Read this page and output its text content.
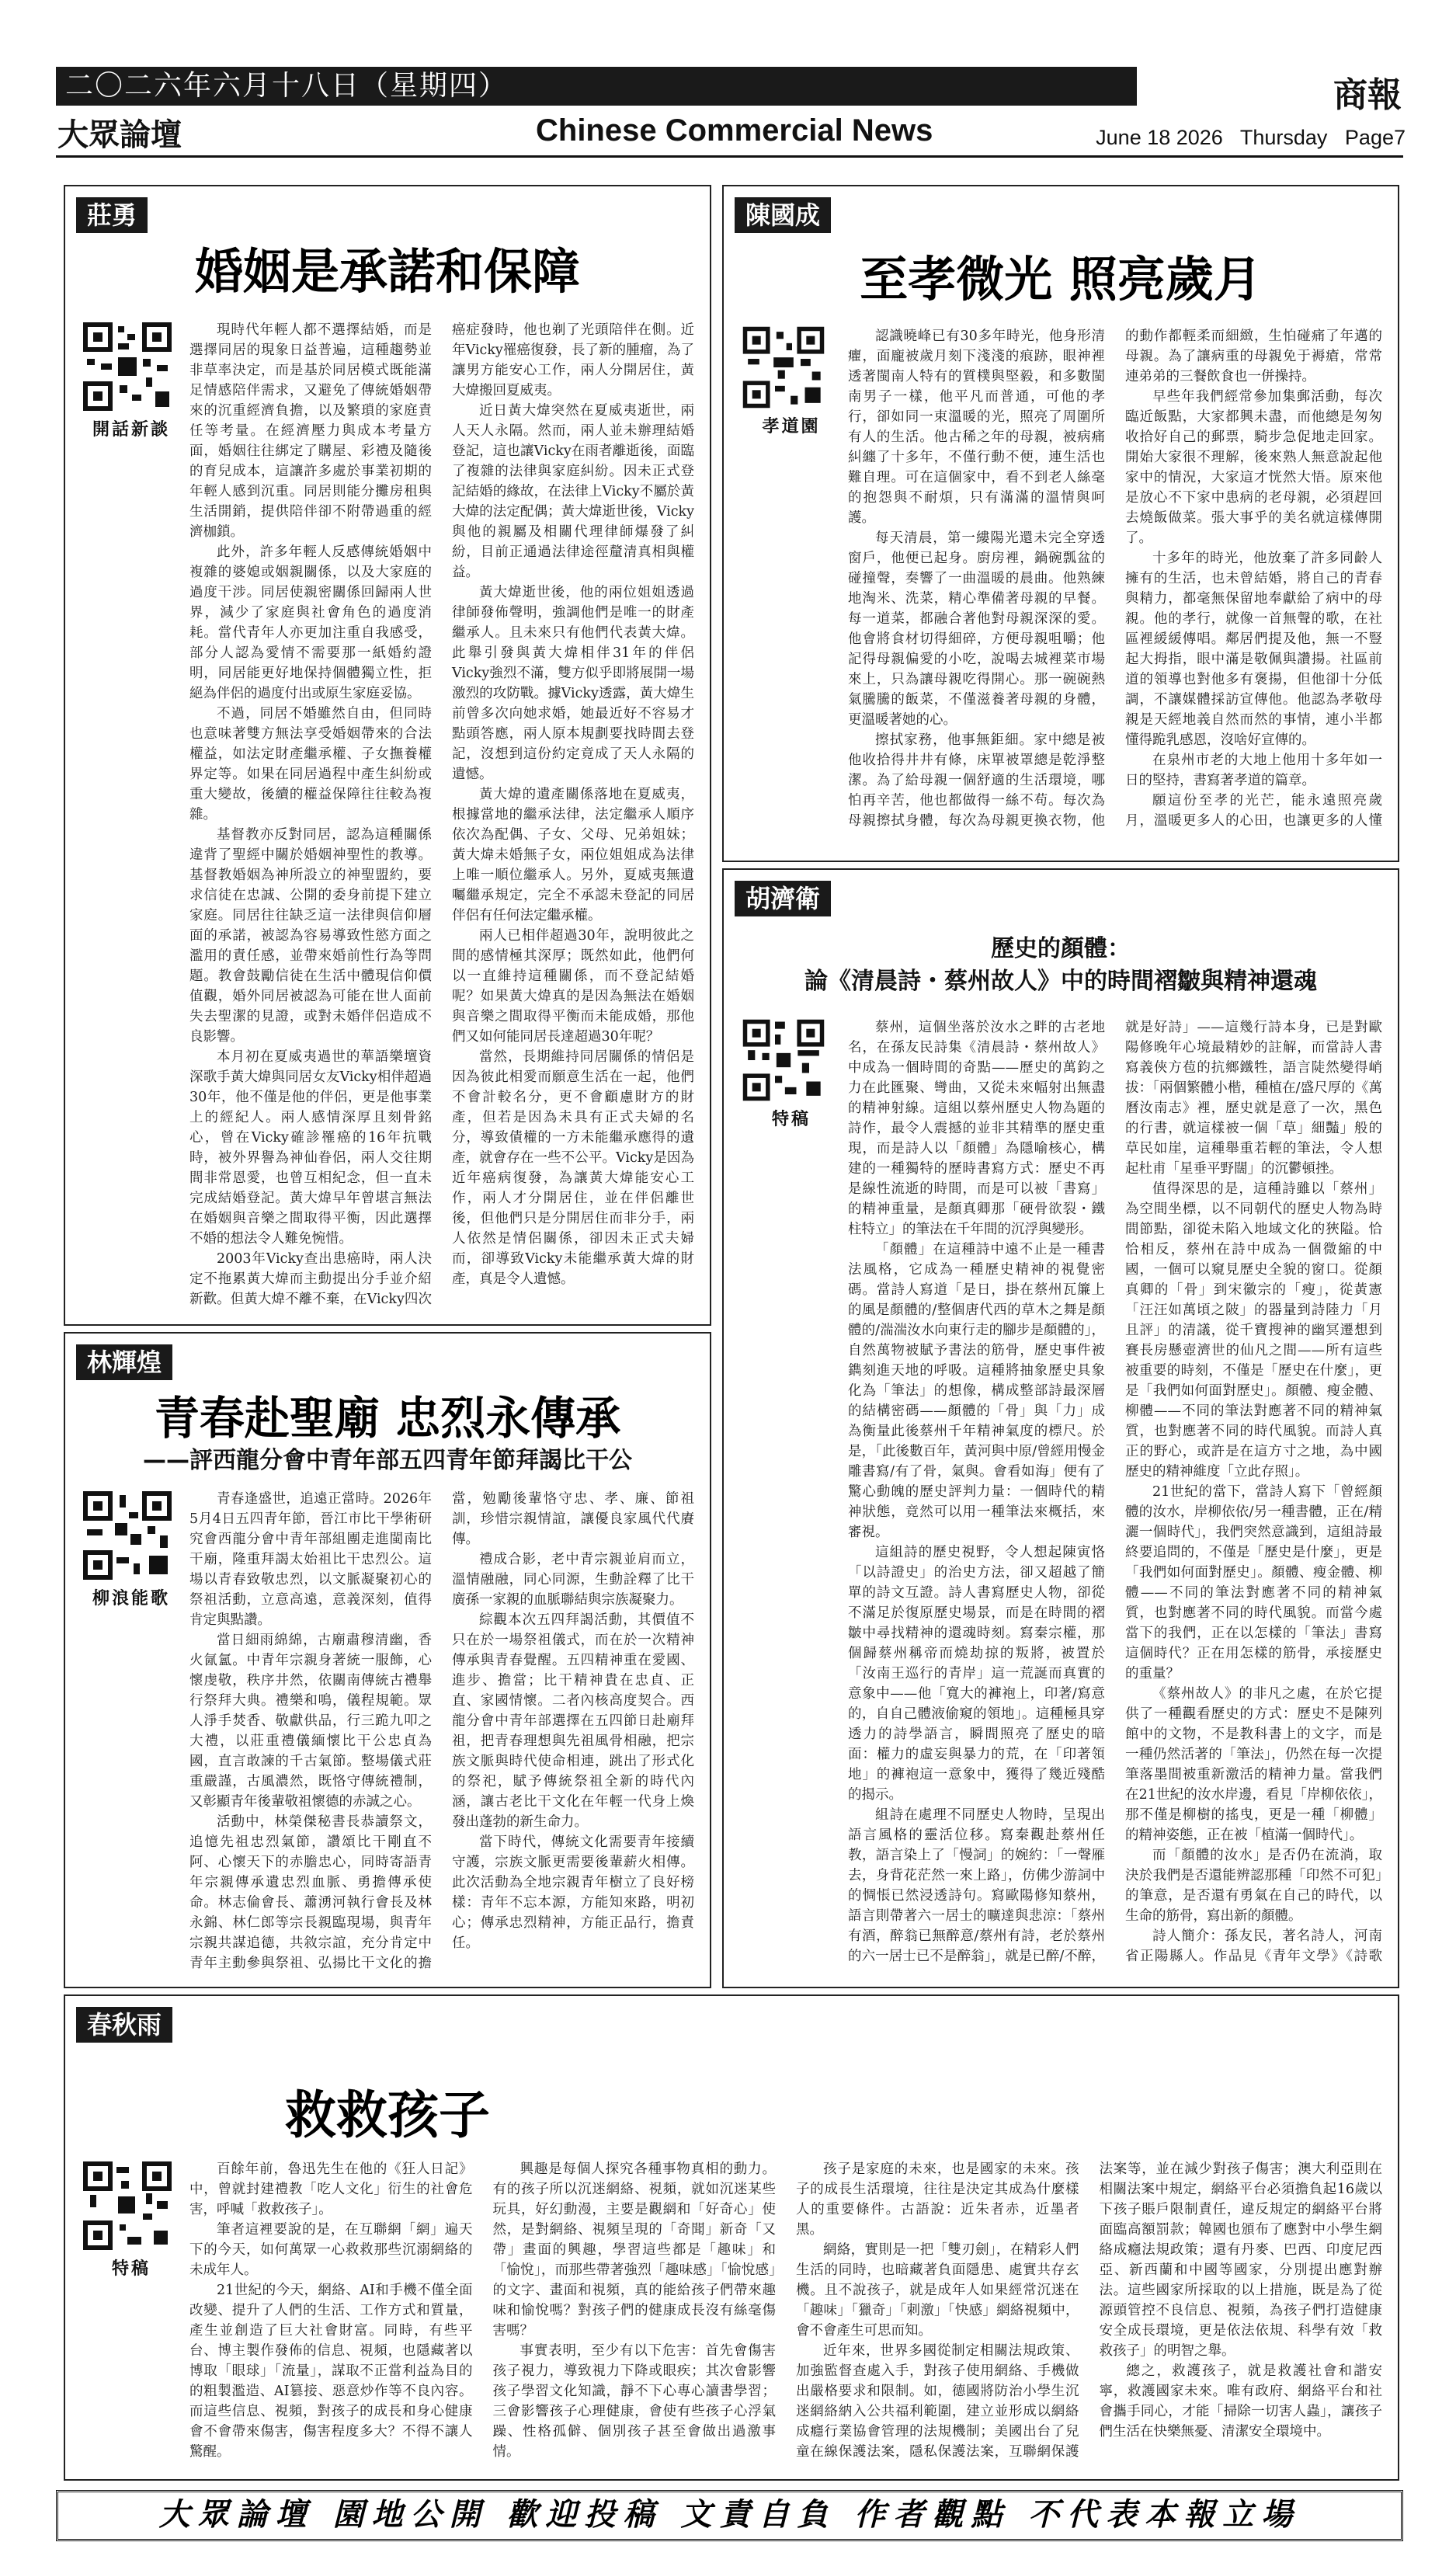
二〇二六年六月十八日（星期四）	商報
大眾論壇	Chinese Commercial News	June 18 2026 Thursday Page7
莊勇
婚姻是承諾和保障
開話新談

現時代年輕人都不選擇結婚，而是選擇同居的現象日益普遍，這種趨勢並非草率決定，而是基於同居模式既能滿足情感陪伴需求，又避免了傳統婚姻帶來的沉重經濟負擔，以及繁瑣的家庭責任等考量。在經濟壓力與成本考量方面，婚姻往往綁定了購屋、彩禮及隨後的育兒成本，這讓許多處於事業初期的年輕人感到沉重。同居則能分攤房租與生活開銷，提供陪伴卻不附帶過重的經濟枷鎖。

此外，許多年輕人反感傳統婚姻中複雜的婆媳或姻親關係，以及大家庭的過度干涉。同居使親密關係回歸兩人世界，減少了家庭與社會角色的過度消耗。當代青年人亦更加注重自我感受，部分人認為愛情不需要那一紙婚約證明，同居能更好地保持個體獨立性，拒絕為伴侶的過度付出或原生家庭妥協。

不過，同居不婚雖然自由，但同時也意味著雙方無法享受婚姻帶來的合法權益，如法定財產繼承權、子女撫養權界定等。如果在同居過程中產生糾紛或重大變故，後續的權益保障往往較為複雜。

基督教亦反對同居，認為這種關係違背了聖經中關於婚姻神聖性的教導。基督教婚姻為神所設立的神聖盟約，要求信徒在忠誠、公開的委身前提下建立家庭。同居往往缺乏這一法律與信仰層面的承諾，被認為容易導致性慾方面之濫用的責任感，並帶來婚前性行為等問題。教會鼓勵信徒在生活中體現信仰價值觀，婚外同居被認為可能在世人面前失去聖潔的見證，或對未婚伴侶造成不良影響。

本月初在夏威夷過世的華語樂壇資深歌手黃大煒與同居女友Vicky相伴超過30年，他不僅是他的伴侶，更是他事業上的經紀人。兩人感情深厚且刻骨銘心，曾在Vicky確診罹癌的16年抗戰時，被外界譽為神仙眷侶，兩人交往期間非常恩愛，也曾互相紀念，但一直未完成結婚登記。黃大煒早年曾堪言無法在婚姻與音樂之間取得平衡，因此選擇不婚的想法令人難免惋惜。

2003年Vicky查出患癌時，兩人決定不拖累黃大煒而主動提出分手並介紹新歡。但黃大煒不離不棄，在Vicky四次癌症發時，他也剃了光頭陪伴在側。近年Vicky罹癌復發，長了新的腫瘤，為了讓男方能安心工作，兩人分開居住，黃大煒搬回夏威夷。

近日黃大煒突然在夏威夷逝世，兩人天人永隔。然而，兩人並未辦理結婚登記，這也讓Vicky在雨者離逝後，面臨了複雜的法律與家庭糾紛。因未正式登記結婚的緣故，在法律上Vicky不屬於黃大煒的法定配偶；黃大煒逝世後，Vicky與他的親屬及相關代理律師爆發了糾紛，目前正通過法律途徑釐清真相與權益。

黃大煒逝世後，他的兩位姐姐透過律師發佈聲明，強調他們是唯一的財產繼承人。且未來只有他們代表黃大煒。此舉引發與黃大煒相伴31年的伴侶Vicky強烈不滿，雙方似乎即將展開一場激烈的攻防戰。據Vicky透露，黃大煒生前曾多次向她求婚，她最近好不容易才點頭答應，兩人原本規劃要找時間去登記，沒想到這份約定竟成了天人永隔的遺憾。

黃大煒的遺產關係落地在夏威夷，根據當地的繼承法律，法定繼承人順序依次為配偶、子女、父母、兄弟姐妹；黃大煒未婚無子女，兩位姐姐成為法律上唯一順位繼承人。另外，夏威夷無遺囑繼承規定，完全不承認未登記的同居伴侶有任何法定繼承權。

兩人已相伴超過30年，說明彼此之間的感情極其深厚；既然如此，他們何以一直維持這種關係，而不登記結婚呢？如果黃大煒真的是因為無法在婚姻與音樂之間取得平衡而未能成婚，那他們又如何能同居長達超過30年呢？

當然，長期維持同居關係的情侶是因為彼此相愛而願意生活在一起，他們不會計較名分，更不會顧慮財方的財產，但若是因為未具有正式夫婦的名分，導致債權的一方未能繼承應得的遺產，就會存在一些不公平。Vicky是因為近年癌病復發，為讓黃大煒能安心工作，兩人才分開居住，並在伴侶離世後，但他們只是分開居住而非分手，兩人依然是情侶關係，卻因未正式夫婦而，卻導致Vicky未能繼承黃大煒的財產，真是令人遺憾。

陳國成
至孝微光 照亮歲月
孝道園

認識曉峰已有30多年時光，他身形清癯，面龐被歲月刻下淺淺的痕跡，眼神裡透著閩南人特有的質樸與堅毅，和多數閩南男子一樣，他平凡而普通，可他的孝行，卻如同一束溫暖的光，照亮了周圍所有人的生活。他古稀之年的母親，被病痛糾纏了十多年，不僅行動不便，連生活也難自理。可在這個家中，看不到老人絲毫的抱怨與不耐煩，只有滿滿的溫情與呵護。

每天清晨，第一縷陽光還未完全穿透窗戶，他便已起身。廚房裡，鍋碗瓢盆的碰撞聲，奏響了一曲溫暖的晨曲。他熟練地淘米、洗菜，精心準備著母親的早餐。每一道菜，都融合著他對母親深深的愛。他會將食材切得細碎，方便母親咀嚼；他記得母親偏愛的小吃，說喝去城裡菜市場來上，只為讓母親吃得開心。那一碗碗熱氣騰騰的飯菜，不僅滋養著母親的身體，更溫暖著她的心。

擦拭家務，他事無鉅細。家中總是被他收拾得井井有條，床單被罩總是乾淨整潔。為了給母親一個舒適的生活環境，哪怕再辛苦，他也都做得一絲不苟。每次為母親擦拭身體，每次為母親更換衣物，他的動作都輕柔而細緻，生怕碰痛了年邁的母親。為了讓病重的母親免于褥瘡，常常連弟弟的三餐飲食也一併操持。

早些年我們經常參加集郵活動，每次臨近飯點，大家都興未盡，而他總是匆匆收拾好自己的郵票，騎步急促地走回家。開始大家很不理解，後來熟人無意說起他家中的情況，大家這才恍然大悟。原來他是放心不下家中患病的老母親，必須趕回去燒飯做菜。張大事乎的美名就這樣傳開了。

十多年的時光，他放棄了許多同齡人擁有的生活，也未曾結婚，將自己的青春與精力，都毫無保留地奉獻給了病中的母親。他的孝行，就像一首無聲的歌，在社區裡緩緩傳唱。鄰居們提及他，無一不豎起大拇指，眼中滿是敬佩與讚揚。社區前道的領導也對他多有褒揚，但他卻十分低調，不讓媒體採訪宣傳他。他認為孝敬母親是天經地義自然而然的事情，連小半都懂得跪乳感恩，沒啥好宣傳的。

在泉州市老的大地上他用十多年如一日的堅持，書寫著孝道的篇章。

願這份至孝的光芒，能永遠照亮歲月，溫暖更多人的心田，也讓更多的人懂

胡濟衛
歷史的顏體：
論《清晨詩・蔡州故人》中的時間褶皺與精神還魂
特稿

蔡州，這個坐落於汝水之畔的古老地名，在孫友民詩集《清晨詩・蔡州故人》中成為一個時間的奇點——歷史的萬鈞之力在此匯聚、彎曲，又從未來幅射出無盡的精神射線。這組以蔡州歷史人物為題的詩作，最令人震撼的並非其精準的歷史重現，而是詩人以「顏體」為隱喻核心，構建的一種獨特的歷時書寫方式：歷史不再是線性流逝的時間，而是可以被「書寫」的精神重量，是顏真卿那「硬骨欲裂・鐵柱特立」的筆法在千年間的沉浮與變形。

「顏體」在這種詩中遠不止是一種書法風格，它成為一種歷史精神的視覺密碼。當詩人寫道「是日，掛在蔡州瓦簾上的風是顏體的/整個唐代西的草木之舞是顏體的/湍湍汝水向東行走的腳步是顏體的」，自然萬物被賦予書法的筋骨，歷史事件被鐫刻進天地的呼吸。這種將抽象歷史具象化為「筆法」的想像，構成整部詩最深層的結構密碼——顏體的「骨」與「力」成為衡量此後蔡州千年精神氣度的標尺。於是，「此後數百年，黃河與中原/曾經用慢金雕書寫/有了骨，氣與。會看如海」便有了驚心動魄的歷史評判力量：一個時代的精神狀態，竟然可以用一種筆法來概括，來審視。

這組詩的歷史視野，令人想起陳寅恪「以詩證史」的治史方法，卻又超越了簡單的詩文互證。詩人書寫歷史人物，卻從不滿足於復原歷史場景，而是在時間的褶皺中尋找精神的還魂時刻。寫秦宗權，那個歸蔡州稱帝而燒劫掠的叛將，被置於「汝南王巡行的青岸」這一荒誕而真實的意象中——他「寬大的褲袍上，印著/寫意的，自自己體液偷窺的領地」。這種極具穿透力的詩學語言，瞬間照亮了歷史的暗面：權力的虛妄與暴力的荒，在「印著領地」的褲袍這一意象中，獲得了幾近殘酷的揭示。

組詩在處理不同歷史人物時，呈現出語言風格的靈活位移。寫秦觀赴蔡州任教，語言染上了「慢詞」的婉約：「一聲雁去，身背花茫然一來上路」，仿佛少游詞中的惆悵已然浸透詩句。寫歐陽修知蔡州，語言則帶著六一居士的曠達與悲涼：「蔡州有酒，醉翁已無醉意/蔡州有詩，老於蔡州的六一居士已不是醉翁」，就是已醉/不醉，就是好詩」——這幾行詩本身，已是對歐陽修晚年心境最精妙的註解，而當詩人書寫義俠方苞的抗鄉鐵牲，語言陡然變得峭拔：「兩個繁體小楷，種植在/盛尺厚的《萬曆汝南志》裡，歷史就是意了一次，黑色的行書，就這樣被一個「草」細豔」般的草民如崖，這種舉重若輕的筆法，令人想起杜甫「星垂平野闊」的沉鬱頓挫。

值得深思的是，這種詩雖以「蔡州」為空間坐標，以不同朝代的歷史人物為時間節點，卻從未陷入地域文化的狹隘。恰恰相反，蔡州在詩中成為一個微縮的中國，一個可以窺見歷史全貌的窗口。從顏真卿的「骨」到宋徽宗的「瘦」，從黃憲「汪汪如萬頃之陂」的器量到詩陸力「月且評」的清議，從千寶搜神的幽冥遷想到賽長房懸壺濟世的仙凡之間——所有這些被重要的時刻，不僅是「歷史在什麼」，更是「我們如何面對歷史」。顏體、瘦金體、柳體——不同的筆法對應著不同的精神氣質，也對應著不同的時代風貌。而詩人真正的野心，或許是在這方寸之地，為中國歷史的精神維度「立此存照」。

21世紀的當下，當詩人寫下「曾經顏體的汝水，岸柳依依/另一種書體，正在/精灑一個時代」，我們突然意識到，這組詩最終要追問的，不僅是「歷史是什麼」，更是「我們如何面對歷史」。顏體、瘦金體、柳體——不同的筆法對應著不同的精神氣質，也對應著不同的時代風貌。而當今處當下的我們，正在以怎樣的「筆法」書寫這個時代？正在用怎樣的筋骨，承接歷史的重量？

《蔡州故人》的非凡之處，在於它提供了一種觀看歷史的方式：歷史不是陳列館中的文物，不是教科書上的文字，而是一種仍然活著的「筆法」，仍然在每一次提筆落墨間被重新激活的精神力量。當我們在21世紀的汝水岸邊，看見「岸柳依依」，那不僅是柳樹的搖曳，更是一種「柳體」的精神姿態，正在被「植滿一個時代」。

而「顏體的汝水」是否仍在流淌，取決於我們是否還能辨認那種「印然不可犯」的筆意，是否還有勇氣在自己的時代，以生命的筋骨，寫出新的顏體。

詩人簡介：孫友民，著名詩人，河南省正陽縣人。作品見《青年文學》《詩歌

林輝煌
青春赴聖廟 忠烈永傳承
——評西龍分會中青年部五四青年節拜謁比干公
柳浪能歌

青春逢盛世，追遠正當時。2026年5月4日五四青年節，晉江市比干學術研究會西龍分會中青年部組團走進閩南比干廟，隆重拜謁太始祖比干忠烈公。這場以青春致敬忠烈，以文脈凝聚初心的祭祖活動，立意高遠，意義深刻，值得肯定與點讚。

當日細雨綿綿，古廟肅穆清幽，香火氤氳。中青年宗親身著統一服飾，心懷虔敬，秩序井然，依關南傳統古禮舉行祭拜大典。禮樂和鳴，儀程規範。眾人淨手焚香、敬獻供品，行三跪九叩之大禮，以莊重禮儀緬懷比干公忠貞為國，直言敢諫的千古氣節。整場儀式莊重嚴謹，古風濃然，既恪守傳統禮制，又彰顯青年後輩敬祖懷德的赤誠之心。

活動中，林榮傑秘書長恭讀祭文，追憶先祖忠烈氣節，讚頌比干剛直不阿、心懷天下的赤膽忠心，同時寄語青年宗親傳承遺忠烈血脈、勇擔傳承使命。林志倫會長、蕭湧河執行會長及林永錦、林仁郎等宗長親臨現場，與青年宗親共謀追德，共敘宗誼，充分肯定中青年主動參與祭祖、弘揚比干文化的擔當，勉勵後輩恪守忠、孝、廉、節祖訓，珍惜宗親情誼，讓優良家風代代賡傳。

禮成合影，老中青宗親並肩而立，溫情融融，同心同源，生動詮釋了比干廣孫一家親的血脈聯結與宗族凝聚力。

綜觀本次五四拜謁活動，其價值不只在於一場祭祖儀式，而在於一次精神傳承與青春覺醒。五四精神重在愛國、進步、擔當；比干精神貴在忠貞、正直、家國情懷。二者內核高度契合。西龍分會中青年部選擇在五四節日赴廟拜祖，把青春理想與先祖風骨相融，把宗族文脈與時代使命相連，跳出了形式化的祭祀，賦予傳統祭祖全新的時代內涵，讓古老比干文化在年輕一代身上煥發出蓬勃的新生命力。

當下時代，傳統文化需要青年接續守護，宗族文脈更需要後輩薪火相傳。此次活動為全地宗親青年樹立了良好榜樣：青年不忘本源，方能知來路，明初心；傳承忠烈精神，方能正品行，擔責任。

春秋雨
救救孩子
特稿

百餘年前，魯迅先生在他的《狂人日記》中，曾就封建禮教「吃人文化」衍生的社會危害，呼喊「救救孩子」。

筆者這裡要說的是，在互聯網「網」遍天下的今天，如何萬眾一心救救那些沉溺網絡的未成年人。

21世紀的今天，網絡、AI和手機不僅全面改變、提升了人們的生活、工作方式和質量，產生並創造了巨大社會財富。同時，有些平台、博主製作發佈的信息、視頻，也隱藏著以博取「眼球」「流量」，謀取不正當利益為目的的粗製濫造、AI篡接、惡意炒作等不良內容。而這些信息、視頻，對孩子的成長和身心健康會不會帶來傷害，傷害程度多大？不得不讓人驚醒。

興趣是每個人探究各種事物真相的動力。有的孩子所以沉迷網絡、視頻，就如沉迷某些玩具，好幻動漫，主要是觀網和「好奇心」使然，是對網絡、視頻呈現的「奇聞」新奇「又帶」畫面的興趣，學習這些都是「趣味」和「愉悅」，而那些帶著強烈「趣味感」「愉悅感」的文字、畫面和視頻，真的能給孩子們帶來趣味和愉悅嗎？對孩子們的健康成長沒有絲毫傷害嗎？

事實表明，至少有以下危害：首先會傷害孩子視力，導致視力下降或眼疾；其次會影響孩子學習文化知識，靜不下心專心讀書學習；三會影響孩子心理健康，會使有些孩子心浮氣躁、性格孤僻、個別孩子甚至會做出過激事情。

孩子是家庭的未來，也是國家的未來。孩子的成長生活環境，往往是決定其成為什麼樣人的重要條件。古語說：近朱者赤，近墨者黑。

網絡，實則是一把「雙刃劍」，在精彩人們生活的同時，也暗藏著負面隱患、處實共存玄機。且不說孩子，就是成年人如果經常沉迷在「趣味」「獵奇」「刺激」「快感」網絡視頻中，會不會產生可思而知。

近年來，世界多國從制定相關法規政策、加強監督查處入手，對孩子使用網絡、手機做出嚴格要求和限制。如，德國將防治小學生沉迷網絡納入公共福利範圍，建立並形成以網絡成癮行業協會管理的法規機制；美國出台了兒童在線保護法案，隱私保護法案，互聯網保護法案等，並在減少對孩子傷害；澳大利亞則在相關法案中規定，網絡平台必須擔負起16歲以下孩子賬戶限制責任，違反規定的網絡平台將面臨高額罰款；韓國也頒布了應對中小學生網絡成癮法規政策；還有丹麥、巴西、印度尼西亞、新西蘭和中國等國家，分別提出應對辦法。這些國家所採取的以上措施，既是為了從源頭管控不良信息、視頻，為孩子們打造健康安全成長環境，更是依法依規、科學有效「救救孩子」的明智之舉。

總之，救護孩子，就是救護社會和諧安寧，救護國家未來。唯有政府、網絡平台和社會攜手同心，才能「掃除一切害人蟲」，讓孩子們生活在快樂無憂、清潔安全環境中。

大眾論壇 園地公開 歡迎投稿 文責自負 作者觀點 不代表本報立場
